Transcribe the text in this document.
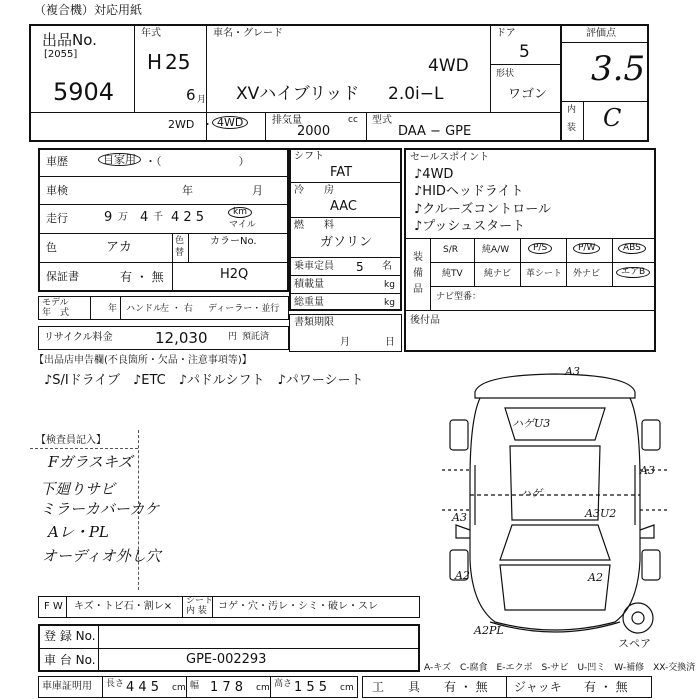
（複合機）対応用紙
出品No.
[2055]
5904
年式
H 25
6 月
車名・グレード
4WD
XVハイブリッド 2.0i−L
ドア
5
形状
ワゴン
評価点
3.5
内
装 C
2WD ・ 4WD	排気量	cc
2000
型式
DAA − GPE
車歴	自家用 ・（　　　　　　　）
車検	年	月
走行	9 万 4 千 4 2 5	km
マイル
色	アカ	色
替
カラーNo.
H2Q
保証書	有 ・ 無
モデル
年　式	年 ハンドル
左 ・ 右 ディーラー・並行
リサイクル料金	12,030 円 預託済
シフト
FAT
冷　　房
AAC
燃　　料
ガソリン
乗車定員 5 名
積載量	kg
総重量	kg
書類期限
月	日
セールスポイント
♪4WD
♪HIDヘッドライト
♪クルーズコントロール
♪プッシュスタート
装
備
品
S/R	純A/W	P/S	P/W	ABS
純TV 純ナビ 革シート 外ナビ	エアB
ナビ型番：
後付品
【出品店申告欄(不良箇所・欠品・注意事項等)】
♪S/Iドライブ　♪ETC　♪パドルシフト　♪パワーシート
【検査員記入】
Fガラスキズ
下廻りサビ
ミラーカバーカケ
Aレ・PL
オーディオ外し穴
A3
ハゲU3
A3
ハゲ
A3	A3U2
A2	A2
A2PL
スペア
F W キズ・トビ石・割レ× シート
内 装 コゲ・穴・汚レ・シミ・破レ・スレ
登 録 No.
車 台 No.	GPE-002293
A-キズ　C-腐食　E-エクボ　S-サビ　U-凹ミ　W-補修　XX-交換済
車庫証明用 長さ 4 4 5 cm 幅 1 7 8 cm 高さ 1 5 5 cm 工　　具 有 ・ 無 ジャッキ 有 ・ 無
